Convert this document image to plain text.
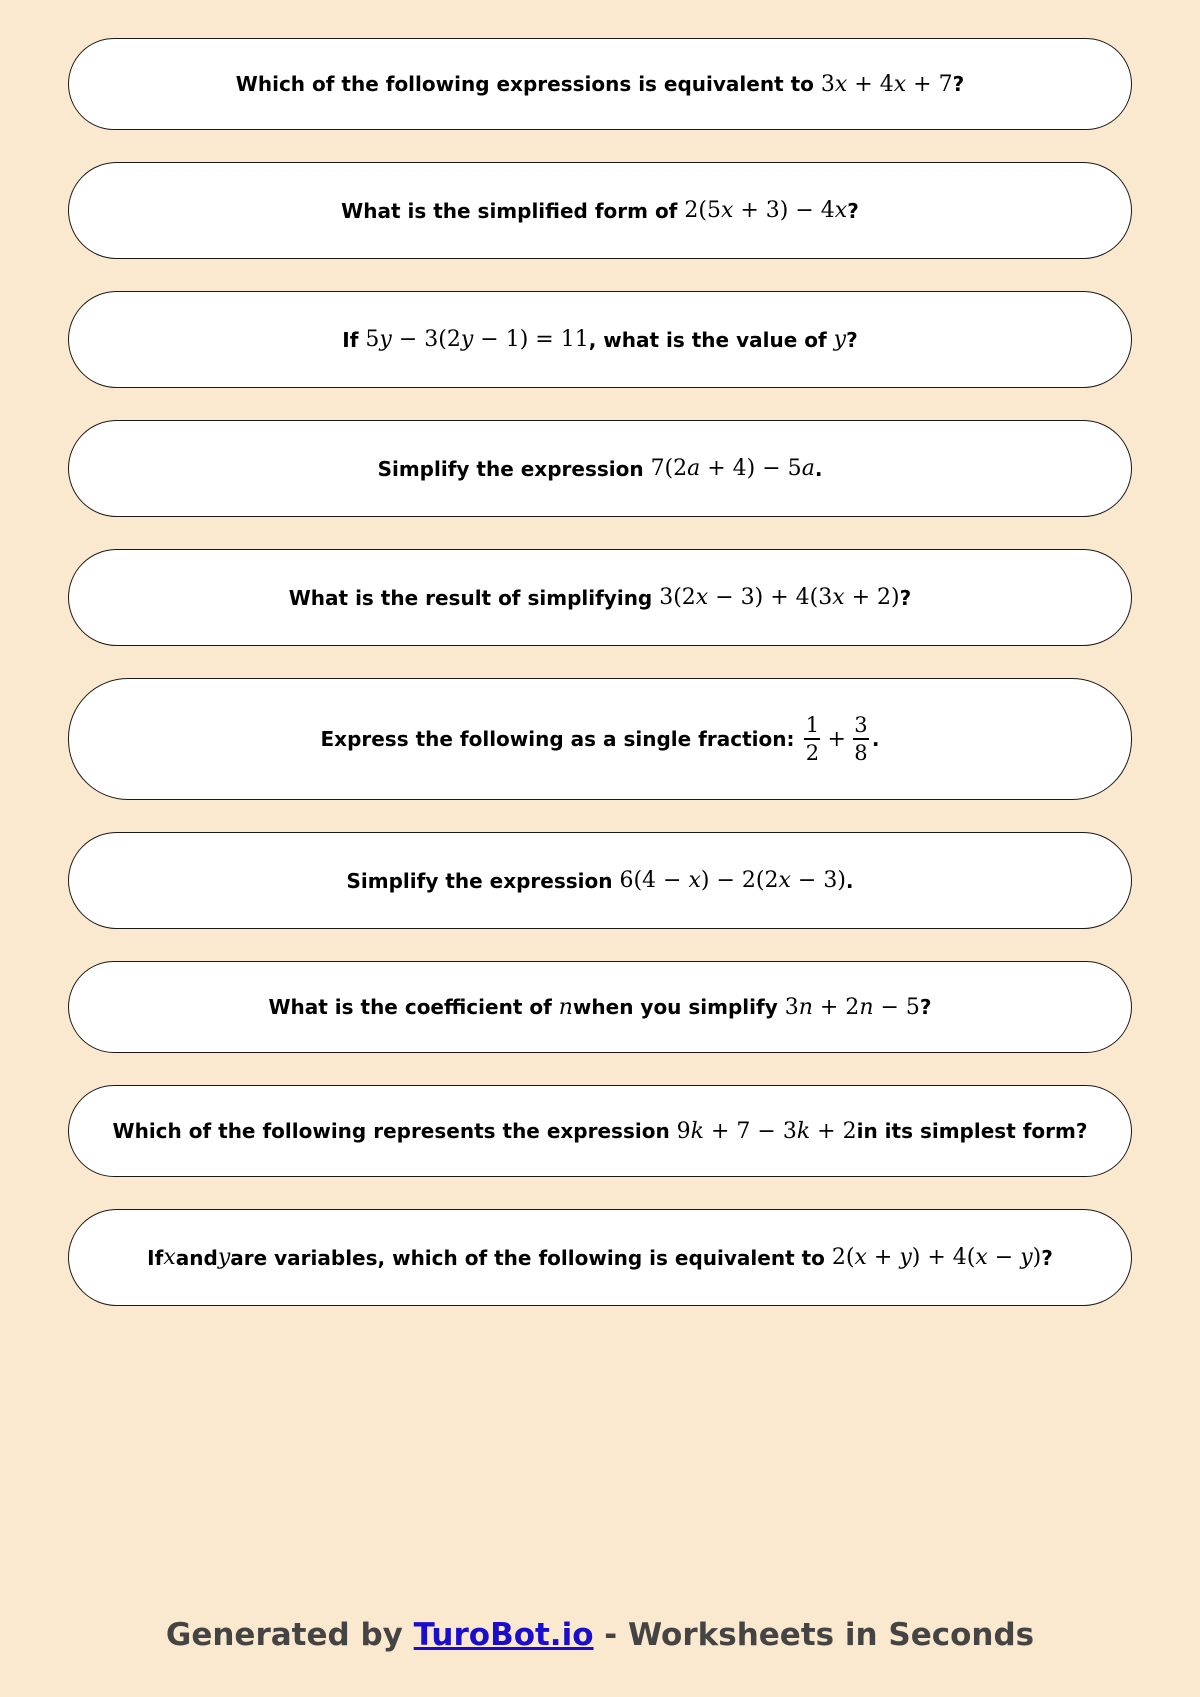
Which of the following expressions is equivalent to
3x + 4x + 7 ?
What is the simplified form of
2(5x + 3) − 4x ?
If
5y − 3(2y − 1) = 11 , what is the value of
y ?
Simplify the expression
7(2a + 4) − 5a .
What is the result of simplifying
3(2x − 3) + 4(3x + 2) ?
Express the following as a single fraction:
$\frac{1}{2} + \frac{3}{8}$ .
Simplify the expression
6(4 − x) − 2(2x − 3) .
What is the coefficient of
n when you simplify
3n + 2n − 5 ?
Which of the following represents the expression
9k + 7 − 3k + 2 in its simplest form?
If x and y are variables, which of the following is equivalent to
2(x + y) + 4(x − y) ?
Generated by TuroBot.io - Worksheets in Seconds
